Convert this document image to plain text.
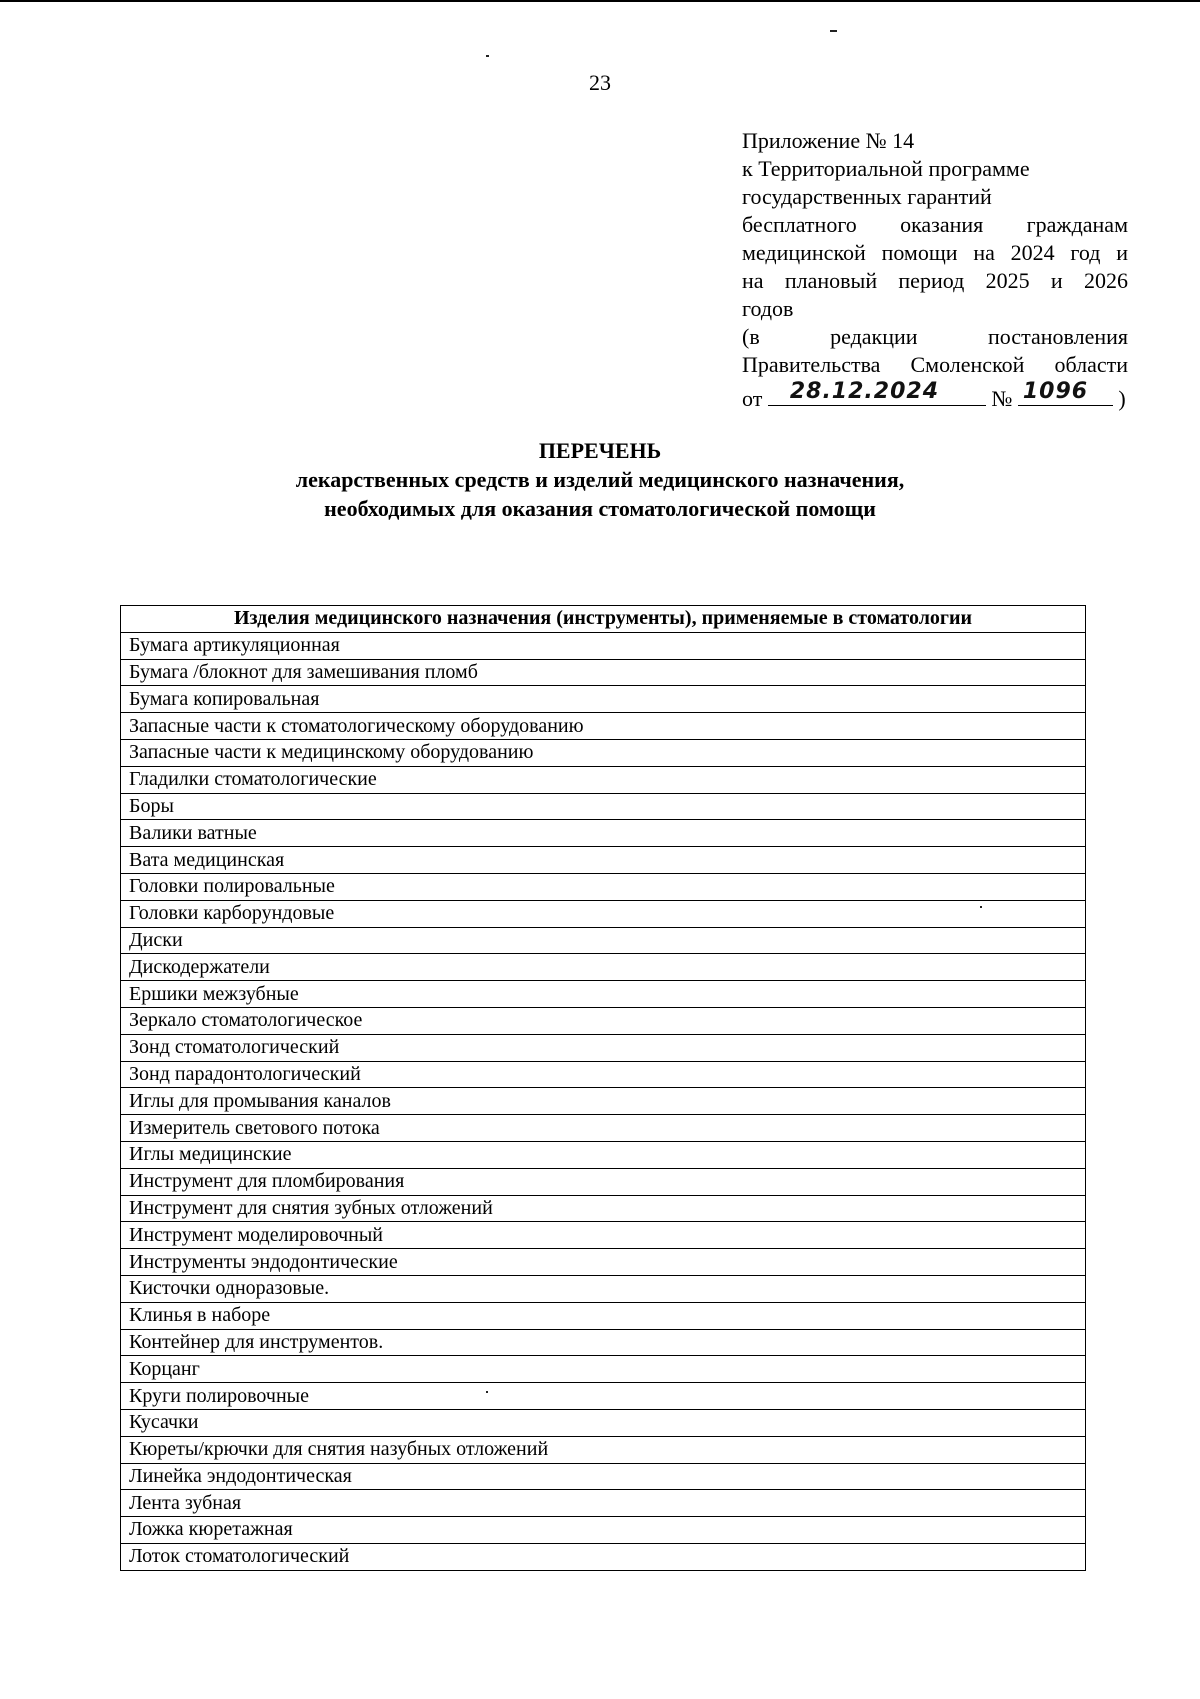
23
Приложение № 14
к Территориальной программе
государственных гарантий
бесплатного оказания гражданам
медицинской помощи на 2024 год и
на плановый период 2025 и 2026
годов
(в редакции постановления
Правительства Смоленской области
от 28.12.2024 № 1096 )
ПЕРЕЧЕНЬ
лекарственных средств и изделий медицинского назначения,
необходимых для оказания стоматологической помощи
Изделия медицинского назначения (инструменты), применяемые в стоматологии
Бумага артикуляционная
Бумага /блокнот для замешивания пломб
Бумага копировальная
Запасные части к стоматологическому оборудованию
Запасные части к медицинскому оборудованию
Гладилки стоматологические
Боры
Валики ватные
Вата медицинская
Головки полировальные
Головки карборундовые
Диски
Дискодержатели
Ершики межзубные
Зеркало стоматологическое
Зонд стоматологический
Зонд парадонтологический
Иглы для промывания каналов
Измеритель светового потока
Иглы медицинские
Инструмент для пломбирования
Инструмент для снятия зубных отложений
Инструмент моделировочный
Инструменты эндодонтические
Кисточки одноразовые.
Клинья в наборе
Контейнер для инструментов.
Корцанг
Круги полировочные
Кусачки
Кюреты/крючки для снятия назубных отложений
Линейка эндодонтическая
Лента зубная
Ложка кюретажная
Лоток стоматологический
